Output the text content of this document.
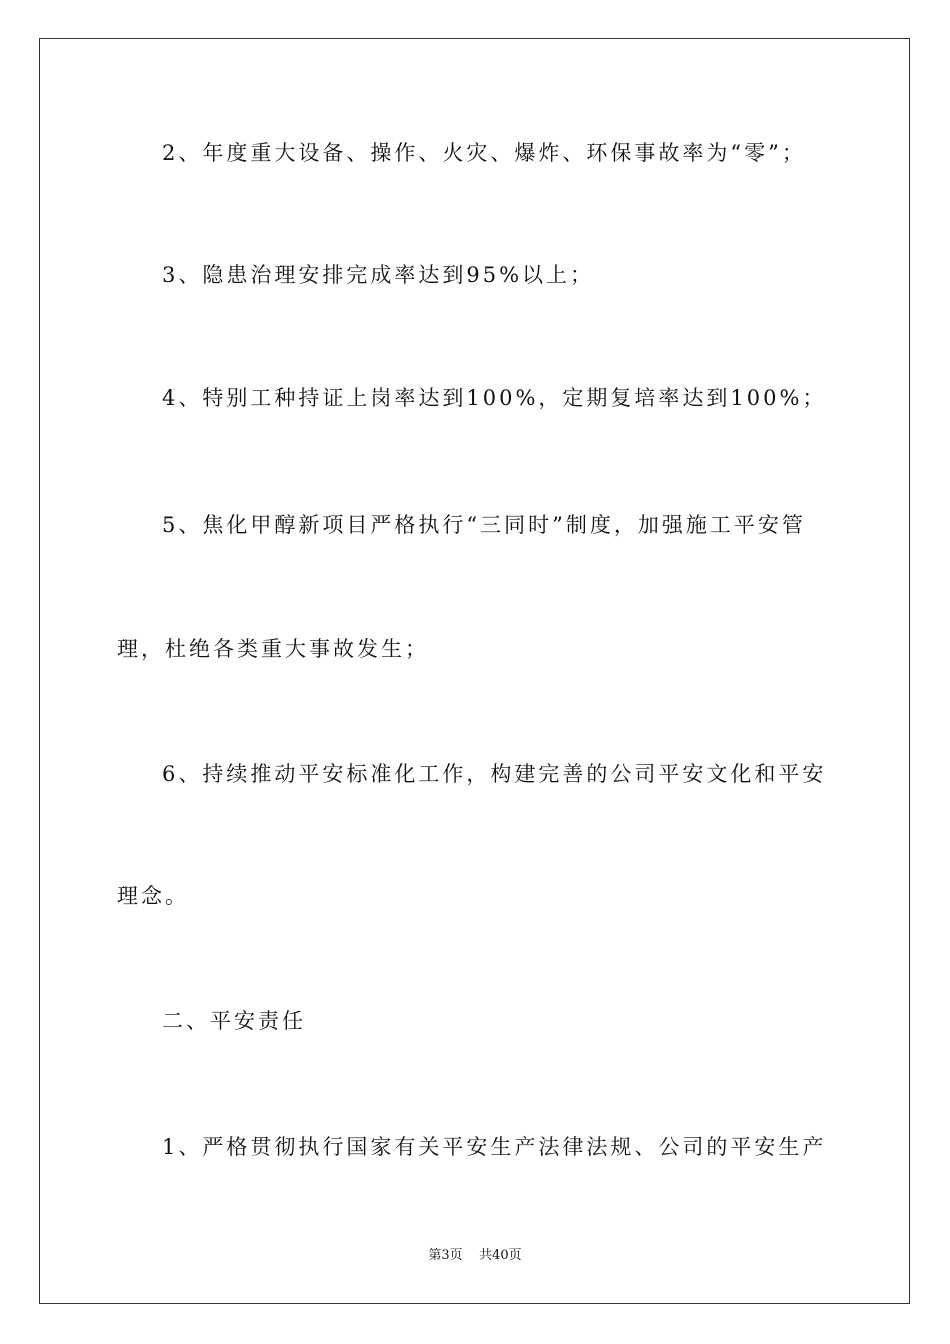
2、年度重大设备、操作、火灾、爆炸、环保事故率为“零”；

3、隐患治理安排完成率达到95%以上；

4、特别工种持证上岗率达到100%，定期复培率达到100%；

5、焦化甲醇新项目严格执行“三同时”制度，加强施工平安管

理，杜绝各类重大事故发生；

6、持续推动平安标准化工作，构建完善的公司平安文化和平安

理念。

二、平安责任

1、严格贯彻执行国家有关平安生产法律法规、公司的平安生产

第3页    共40页
